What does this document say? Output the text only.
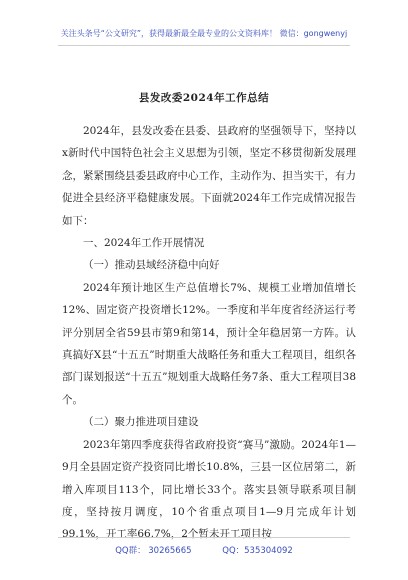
关注头条号“公文研究”，获得最新最全最专业的公文资料库！ 微信：gongwenyj
县发改委2024年工作总结

2024年，县发改委在县委、县政府的坚强领导下，坚持以x新时代中国特色社会主义思想为引领，坚定不移贯彻新发展理念，紧紧围绕县委县政府中心工作，主动作为、担当实干，有力促进全县经济平稳健康发展。下面就2024年工作完成情况报告如下：

一、2024年工作开展情况

（一）推动县域经济稳中向好

2024年预计地区生产总值增长7%、规模工业增加值增长12%、固定资产投资增长12%。一季度和半年度省经济运行考评分别居全省59县市第9和第14，预计全年稳居第一方阵。认真搞好X县“十五五”时期重大战略任务和重大工程项目，组织各部门谋划报送“十五五”规划重大战略任务7条、重大工程项目38个。

（二）聚力推进项目建设

2023年第四季度获得省政府投资“赛马”激励。2024年1—9月全县固定资产投资同比增长10.8%，三县一区位居第二，新增入库项目113个，同比增长33个。落实县领导联系项目制度，坚持按月调度，10个省重点项目1—9月完成年计划99.1%，开工率66.7%，2个暂未开工项目按

QQ群： 30265665	QQ：535304092
